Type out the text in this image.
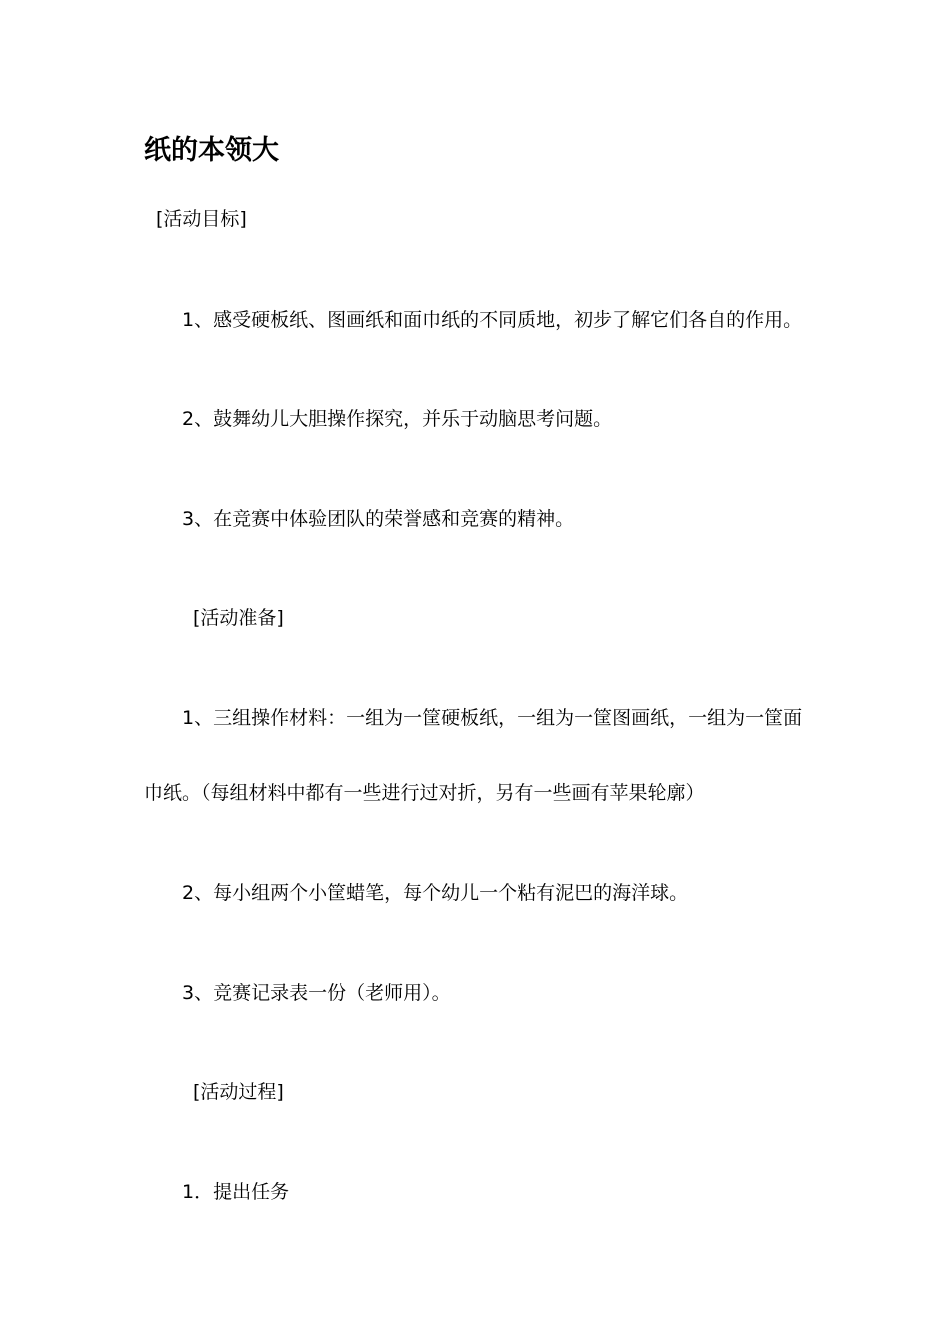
纸的本领大
[活动目标]
1、感受硬板纸、图画纸和面巾纸的不同质地，初步了解它们各自的作用。
2、鼓舞幼儿大胆操作探究，并乐于动脑思考问题。
3、在竞赛中体验团队的荣誉感和竞赛的精神。
[活动准备]
1、三组操作材料：一组为一筐硬板纸，一组为一筐图画纸，一组为一筐面
巾纸。（每组材料中都有一些进行过对折，另有一些画有苹果轮廓）
2、每小组两个小筐蜡笔，每个幼儿一个粘有泥巴的海洋球。
3、竞赛记录表一份（老师用）。
[活动过程]
1．提出任务
